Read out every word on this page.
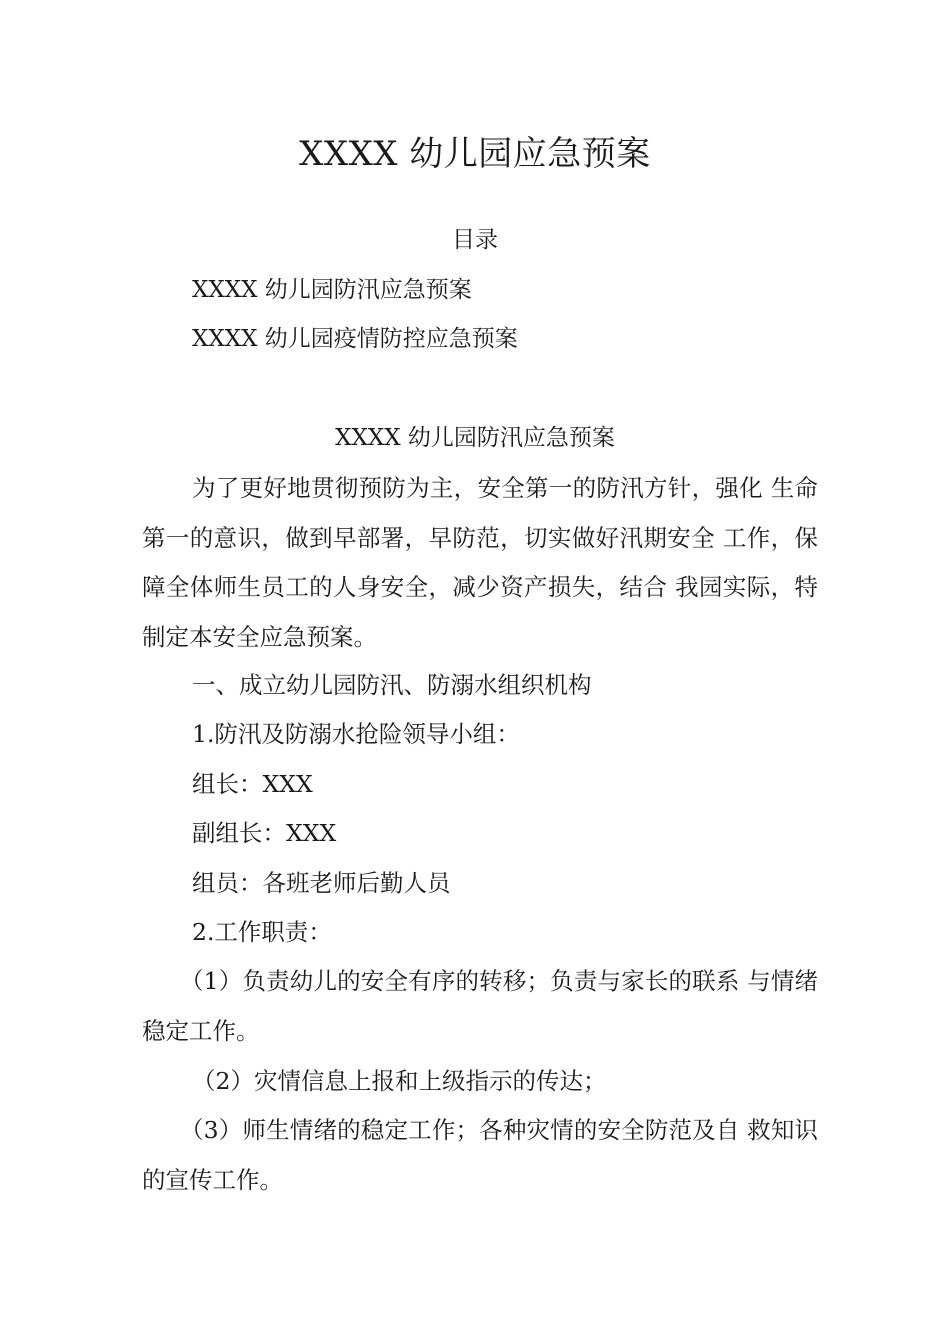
XXXX 幼儿园应急预案
目录
XXXX 幼儿园防汛应急预案
XXXX 幼儿园疫情防控应急预案
XXXX 幼儿园防汛应急预案

为了更好地贯彻预防为主，安全第一的防汛方针，强化 生命第一的意识，做到早部署，早防范，切实做好汛期安全 工作，保障全体师生员工的人身安全，减少资产损失，结合 我园实际，特制定本安全应急预案。

一、成立幼儿园防汛、防溺水组织机构
1.防汛及防溺水抢险领导小组：
组长：XXX
副组长：XXX
组员：各班老师后勤人员
2.工作职责：

（1）负责幼儿的安全有序的转移；负责与家长的联系 与情绪稳定工作。

（2）灾情信息上报和上级指示的传达；

（3）师生情绪的稳定工作；各种灾情的安全防范及自 救知识的宣传工作。
